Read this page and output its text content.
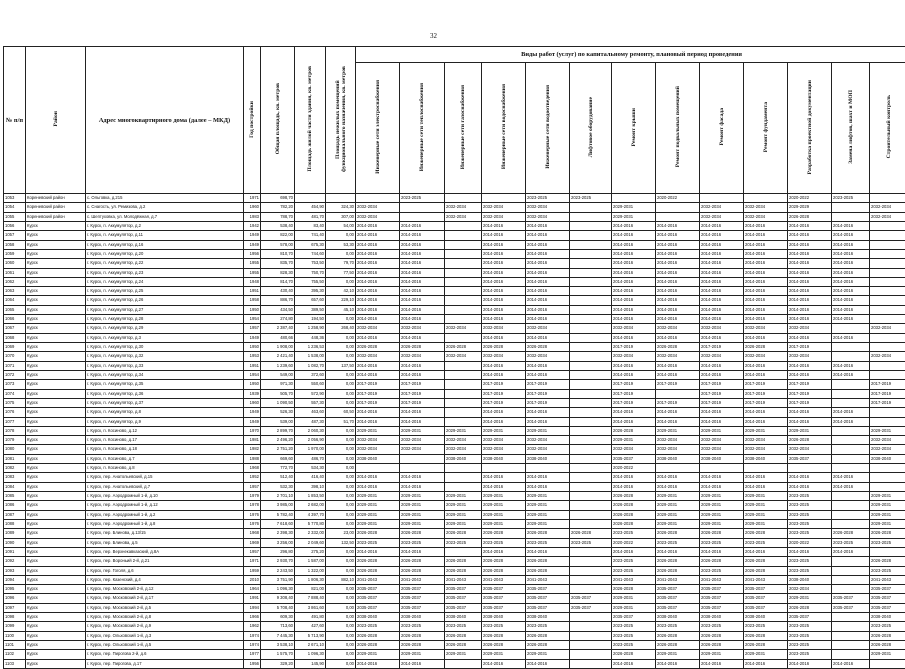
32
№ п/п	Район	Адрес многоквартирного дома (далее – МКД)	Год постройки	Общая площадь, кв. метров	Площадь жилой части здания, кв. метров	Площадь нежилых помещений функционального назначения, кв. метров	Виды работ (услуг) по капитальному ремонту, плановый период проведения													
							Инженерные сети электроснабжения	Инженерные сети теплоснабжения	Инженерные сети газоснабжения	Инженерные сети водоснабжения	Инженерные сети водоотведения	Лифтовое оборудование	Ремонт крыши	Ремонт подвальных помещений	Ремонт фасада	Ремонт фундамента	Разработка проектной документации	Замена лифтов, шахт и МОП	Строительный контроль	
1053	Кореневский район	с. Ольговка, д.215	1971	698,70				2023-2025			2023-2025	2023-2025		2020-2022			2020-2022	2023-2025		
1054	Кореневский район	с. Снагость, ул. Ремизова, д.2	1960	782,20	454,90	324,30	2032-2034		2032-2034	2032-2034	2032-2034		2029-2031		2032-2034	2032-2034	2029-2029		2032-2034	
1055	Кореневский район	с. Шептуховка, ул. Молодёжная, д.7	1983	788,70	481,70	307,00	2032-2034		2032-2034	2032-2034	2032-2034		2029-2031		2032-2034	2032-2034	2026-2028		2032-2034	
1056	Курск	г. Курск, п. Аккумулятор, д.2	1942	538,40	83,40	54,00	2014-2016	2014-2016		2014-2016	2014-2016		2014-2016	2014-2016	2014-2016	2014-2016	2014-2016	2014-2016		
1057	Курск	г. Курск, п. Аккумулятор, д.11	1949	822,00	741,40	0,00	2014-2016	2014-2016		2014-2016	2014-2016		2014-2016	2014-2016	2014-2016	2014-2016	2014-2016	2014-2016		
1058	Курск	г. Курск, п. Аккумулятор, д.16	1949	578,00	675,30	53,30	2014-2016	2014-2016		2014-2016	2014-2016		2014-2016	2014-2016	2014-2016	2014-2016	2014-2016	2014-2016		
1059	Курск	г. Курск, п. Аккумулятор, д.20	1956	810,70	744,60	0,00	2014-2016	2014-2016		2014-2016	2014-2016		2014-2016	2014-2016	2014-2016	2014-2016	2014-2016	2014-2016		
1060	Курск	г. Курск, п. Аккумулятор, д.22	1955	835,70	753,50	79,70	2014-2016	2014-2016		2014-2016	2014-2016		2014-2016	2014-2016	2014-2016	2014-2016	2014-2016	2014-2016		
1061	Курск	г. Курск, п. Аккумулятор, д.23	1955	828,30	750,70	77,50	2014-2016	2014-2016		2014-2016	2014-2016		2014-2016	2014-2016	2014-2016	2014-2016	2014-2016	2014-2016		
1062	Курск	г. Курск, п. Аккумулятор, д.24	1948	814,70	755,50	0,00	2014-2016	2014-2016		2014-2016	2014-2016		2014-2016	2014-2016	2014-2016	2014-2016	2014-2016	2014-2016		
1063	Курск	г. Курск, п. Аккумулятор, д.25	1951	430,40	395,30	42,10	2014-2016	2014-2016		2014-2016	2014-2016		2014-2016	2014-2016	2014-2016	2014-2016	2014-2016	2014-2016		
1064	Курск	г. Курск, п. Аккумулятор, д.26	1958	886,70	657,60	229,10	2014-2016	2014-2016		2014-2016	2014-2016		2014-2016	2014-2016	2014-2016	2014-2016	2014-2016	2014-2016		
1065	Курск	г. Курск, п. Аккумулятор, д.27	1950	434,50	389,50	45,10	2014-2016	2014-2016		2014-2016	2014-2016		2014-2016	2014-2016	2014-2016	2014-2016	2014-2016	2014-2016		
1066	Курск	г. Курск, п. Аккумулятор, д.28	1954	274,80	194,50	0,00	2014-2016	2014-2016		2014-2016	2014-2016		2014-2016	2014-2016	2014-2016	2014-2016	2014-2016	2014-2016		
1067	Курск	г. Курск, п. Аккумулятор, д.29	1957	2 387,40	1 258,90	268,40	2032-2034	2032-2034	2032-2034	2032-2034	2032-2034		2032-2034	2032-2034	2032-2034	2032-2034	2032-2034		2032-2034	
1068	Курск	г. Курск, п. Аккумулятор, д.3	1949	480,66	448,36	0,00	2014-2016	2014-2016		2014-2016	2014-2016		2014-2016	2014-2016	2014-2016	2014-2016	2014-2016	2014-2016		
1069	Курск	г. Курск, п. Аккумулятор, д.30	1950	1 908,00	1 236,53	0,00	2026-2028	2026-2028	2026-2028	2026-2028	2026-2028		2017-2019	2026-2028	2017-2019	2026-2028	2017-2019			
1070	Курск	г. Курск, п. Аккумулятор, д.32	1953	2 421,40	1 538,00	0,00	2032-2034	2032-2034	2032-2034	2032-2034	2032-2034		2032-2034	2032-2034	2032-2034	2032-2034	2032-2034		2032-2034	
1071	Курск	г. Курск, п. Аккумулятор, д.33	1951	1 239,60	1 082,70	137,50	2014-2016	2014-2016		2014-2016	2014-2016		2014-2016	2014-2016	2014-2016	2014-2016	2014-2016	2014-2016		
1072	Курск	г. Курск, п. Аккумулятор, д.34	1954	549,00	372,60	0,00	2014-2016	2014-2016		2014-2016	2014-2016		2014-2016	2014-2016	2014-2016	2014-2016	2014-2016	2014-2016		
1073	Курск	г. Курск, п. Аккумулятор, д.35	1950	971,30	550,60	0,00	2017-2019	2017-2019		2017-2019	2017-2019		2017-2019	2017-2019	2017-2019	2017-2019	2017-2019		2017-2019	
1074	Курск	г. Курск, п. Аккумулятор, д.36	1939	505,70	572,90	0,00	2017-2019	2017-2019		2017-2019	2017-2019		2017-2019		2017-2019	2017-2019	2017-2019		2017-2019	
1075	Курск	г. Курск, п. Аккумулятор, д.37	1960	1 090,50	557,30	0,00	2017-2019	2017-2019		2017-2019	2017-2019		2017-2019	2017-2019	2017-2019	2017-2019	2017-2019		2017-2019	
1076	Курск	г. Курск, п. Аккумулятор, д.8	1949	526,30	463,60	60,50	2014-2016	2014-2016		2014-2016	2014-2016		2014-2016	2014-2016	2014-2016	2014-2016	2014-2016	2014-2016		
1077	Курск	г. Курск, п. Аккумулятор, д.9	1949	539,00	487,30	51,70	2014-2016	2014-2016		2014-2016	2014-2016		2014-2016	2014-2016	2014-2016	2014-2016	2014-2016	2014-2016		
1078	Курск	г. Курск, п. Косиново, д.12	1970	2 899,70	2 060,30	0,00	2029-2031	2029-2031	2029-2031	2029-2031	2029-2031		2026-2028	2029-2031	2029-2031	2029-2031	2029-2031		2029-2031	
1079	Курск	г. Курск, п. Косиново, д.17	1981	2 496,20	2 056,90	0,00	2032-2034	2032-2034	2032-2034	2032-2034	2032-2034		2029-2031	2032-2034	2032-2034	2032-2034	2026-2028		2032-2034	
1080	Курск	г. Курск, п. Косиново, д.18	1982	2 751,20	1 970,00	0,00	2032-2034	2032-2034	2032-2034	2032-2034	2032-2034		2032-2034	2032-2034	2032-2034	2032-2034	2032-2034		2032-2034	
1081	Курск	г. Курск, п. Косиново, д.7	1988	669,60	486,70	0,00	2038-2040		2038-2040	2038-2040	2038-2040		2035-2037	2038-2040	2038-2040	2038-2040	2035-2037		2038-2040	
1082	Курск	г. Курск, п. Косиново, д.8	1968	772,70	534,30	0,00							2020-2022							
1083	Курск	г. Курск, пер. Анатольевский, д.15	1952	512,40	416,40	0,00	2014-2016	2014-2016		2014-2016	2014-2016		2014-2016	2014-2016	2014-2016	2014-2016	2014-2016	2014-2016		
1084	Курск	г. Курск, пер. Анатольевский, д.7	1957	532,30	398,10	0,00	2014-2016	2014-2016		2014-2016	2014-2016		2014-2016	2014-2016	2014-2016	2014-2016	2014-2016	2014-2016		
1085	Курск	г. Курск, пер. Аэродромный 1-й, д.10	1979	2 701,10	1 853,50	0,00	2029-2031	2029-2031	2029-2031	2029-2031	2029-2031		2026-2028	2029-2031	2029-2031	2029-2031	2023-2025		2029-2031	
1086	Курск	г. Курск, пер. Аэродромный 1-й, д.12	1978	3 985,00	2 682,00	0,00	2029-2031	2029-2031	2029-2031	2029-2031	2029-2031		2026-2028	2029-2031	2029-2031	2029-2031	2023-2025		2029-2031	
1087	Курск	г. Курск, пер. Аэродромный 1-й, д.2	1976	5 782,40	4 397,70	0,00	2029-2031	2029-2031	2029-2031	2029-2031	2029-2031		2026-2028	2029-2031	2029-2031	2029-2031	2023-2025		2029-2031	
1088	Курск	г. Курск, пер. Аэродромный 1-й, д.8	1976	7 618,60	5 770,80	0,00	2029-2031	2029-2031	2029-2031	2029-2031	2029-2031		2026-2028	2029-2031	2029-2031	2029-2031	2023-2025		2029-2031	
1089	Курск	г. Курск, пер. Блинова, д.13/15	1968	2 398,30	2 332,00	23,00	2026-2028	2026-2028	2026-2028	2026-2028	2026-2028	2026-2028	2023-2025	2026-2028	2026-2028	2026-2028	2023-2025	2026-2028	2026-2028	
1090	Курск	г. Курск, пер. Блинова, д.5	1969	3 256,00	2 049,60	132,50	2023-2025	2023-2025	2023-2025	2023-2025	2023-2025	2023-2025	2020-2022	2023-2025	2023-2025	2023-2025	2020-2022	2023-2025	2023-2025	
1091	Курск	г. Курск, пер. Верхнекавказский, д.8А	1957	296,80	275,20	0,00	2014-2016	2014-2016		2014-2016	2014-2016		2014-2016	2014-2016	2014-2016	2014-2016	2014-2016	2014-2016		
1092	Курск	г. Курск, пер. Вороньий 2-й, д.21	1971	2 930,70	1 587,00	0,00	2026-2028	2026-2028	2026-2028	2026-2028	2026-2028		2023-2025	2026-2028	2026-2028	2026-2028	2023-2025		2026-2028	
1093	Курск	г. Курск, пер. Гоголя, д.6	1959	2 243,50	1 322,00	0,00	2026-2028	2026-2028	2026-2028	2026-2028	2026-2028		2023-2025	2026-2028	2023-2025	2026-2028	2023-2025		2023-2025	
1094	Курск	г. Курск, пер. Казенский, д.4	2010	3 751,90	1 806,30	882,10	2041-2043	2041-2043	2041-2043	2041-2043	2041-2043		2041-2043	2041-2043	2041-2043	2041-2043	2038-2040		2041-2043	
1095	Курск	г. Курск, пер. Московский 2-й, д.12	1964	1 096,30	821,00	0,00	2035-2037	2035-2037	2035-2037	2035-2037	2035-2037		2026-2028	2035-2037	2035-2037	2035-2037	2032-2034		2035-2037	
1096	Курск	г. Курск, пер. Московский 2-й, д.17	1991	9 308,40	7 888,40	0,00	2035-2037	2035-2037	2035-2037	2035-2037	2035-2037	2035-2037	2029-2031	2035-2037	2035-2037	2035-2037	2029-2031	2035-2037	2035-2037	
1097	Курск	г. Курск, пер. Московский 2-й, д.5	1994	5 708,40	3 861,60	0,00	2035-2037	2035-2037	2035-2037	2035-2037	2035-2037	2035-2037	2029-2031	2035-2037	2035-2037	2035-2037	2026-2028	2035-2037	2035-2037	
1098	Курск	г. Курск, пер. Московский 2-й, д.8	1966	609,30	491,80	0,00	2038-2040	2038-2040	2038-2040	2038-2040	2038-2040		2035-2037	2038-2040	2038-2040	2038-2040	2035-2037		2038-2040	
1099	Курск	г. Курск, пер. Московский 2-й, д.9	1962	713,60	427,60	0,00	2023-2025	2023-2025	2023-2025	2023-2025	2023-2025		2023-2025	2023-2025	2023-2025	2023-2025	2023-2025		2023-2025	
1100	Курск	г. Курск, пер. Ольховский 1-й, д.3	1974	7 445,30	5 713,90	0,00	2026-2028	2026-2028	2026-2028	2026-2028	2026-2028		2023-2025	2026-2028	2026-2028	2026-2028	2023-2025		2026-2028	
1101	Курск	г. Курск, пер. Ольховский 1-й, д.5	1974	3 538,10	2 671,10	0,00	2026-2028	2026-2028	2026-2028	2026-2028	2026-2028		2023-2025	2026-2028	2026-2028	2026-2028	2023-2025		2026-2028	
1102	Курск	г. Курск, пер. Пирогова 2-й, д.6	1977	1 575,70	1 096,30	0,00	2029-2031	2029-2031	2029-2031	2029-2031	2029-2031		2026-2028	2029-2031	2029-2031	2029-2031	2023-2025		2029-2031	
1103	Курск	г. Курск, пер. Пирогова, д.17	1956	329,20	145,90	0,00	2014-2016	2014-2016		2014-2016	2014-2016		2014-2016	2014-2016	2014-2016	2014-2016	2014-2016	2014-2016		
